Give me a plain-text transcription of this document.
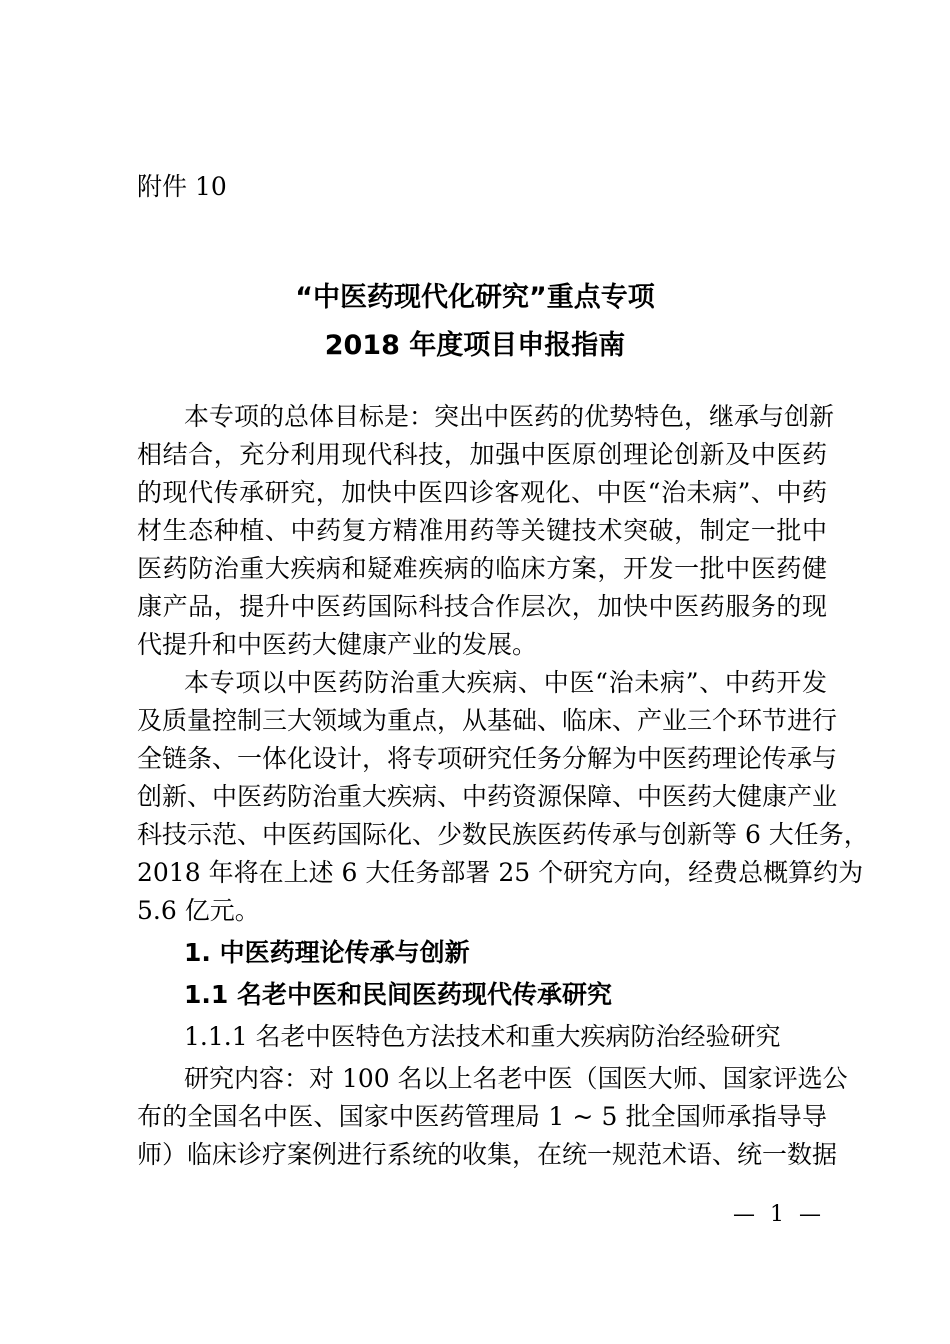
附件 10
“中医药现代化研究”重点专项
2018 年度项目申报指南
本专项的总体目标是：突出中医药的优势特色，继承与创新
相结合，充分利用现代科技，加强中医原创理论创新及中医药
的现代传承研究，加快中医四诊客观化、中医“治未病”、中药
材生态种植、中药复方精准用药等关键技术突破，制定一批中
医药防治重大疾病和疑难疾病的临床方案，开发一批中医药健
康产品，提升中医药国际科技合作层次，加快中医药服务的现
代提升和中医药大健康产业的发展。
本专项以中医药防治重大疾病、中医“治未病”、中药开发
及质量控制三大领域为重点，从基础、临床、产业三个环节进行
全链条、一体化设计，将专项研究任务分解为中医药理论传承与
创新、中医药防治重大疾病、中药资源保障、中医药大健康产业
科技示范、中医药国际化、少数民族医药传承与创新等 6 大任务，
2018 年将在上述 6 大任务部署 25 个研究方向，经费总概算约为
5.6 亿元。
1. 中医药理论传承与创新
1.1 名老中医和民间医药现代传承研究
1.1.1 名老中医特色方法技术和重大疾病防治经验研究
研究内容：对 100 名以上名老中医（国医大师、国家评选公
布的全国名中医、国家中医药管理局 1 ~ 5 批全国师承指导导
师）临床诊疗案例进行系统的收集，在统一规范术语、统一数据
— 1 —
